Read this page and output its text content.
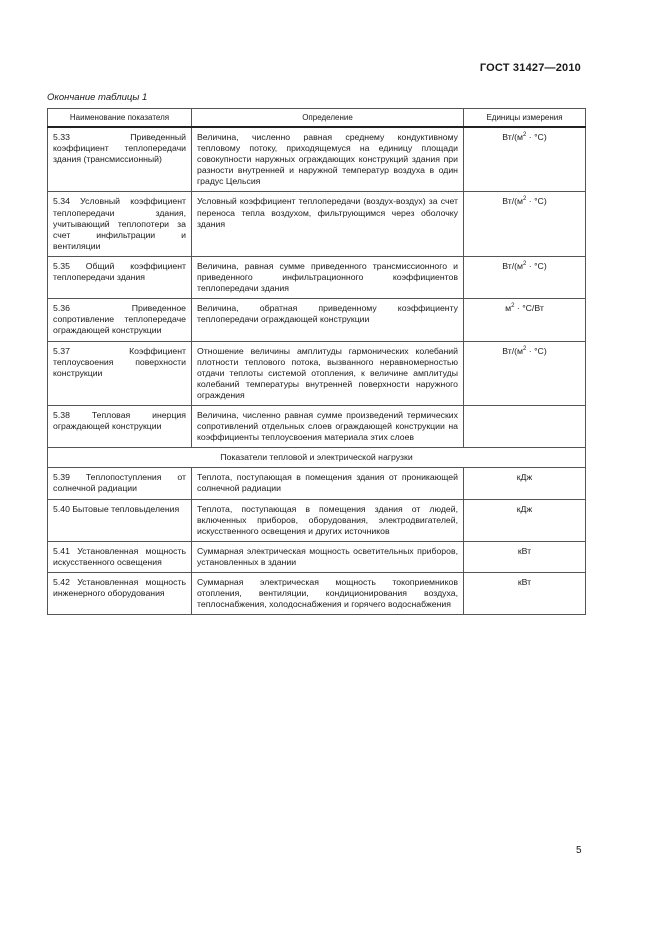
ГОСТ 31427—2010
Окончание таблицы 1
Наименование показателя	Определение	Единицы измерения
5.33 Приведенный коэффициент теплопередачи здания (трансмиссионный)	Величина, численно равная среднему кондуктивному тепловому потоку, приходящемуся на единицу площади совокупности наружных ограждающих конструкций здания при разности внутренней и наружной температур воздуха в один градус Цельсия	$Вт/(м^2 \cdot ^\circ С)$
5.34 Условный коэффициент теплопередачи здания, учитывающий теплопотери за счет инфильтрации и вентиляции	Условный коэффициент теплопередачи (воздух-воздух) за счет переноса тепла воздухом, фильтрующимся через оболочку здания	$Вт/(м^2 \cdot ^\circ С)$
5.35 Общий коэффициент теплопередачи здания	Величина, равная сумме приведенного трансмиссионного и приведенного инфильтрационного коэффициентов теплопередачи здания	$Вт/(м^2 \cdot ^\circ С)$
5.36 Приведенное сопротивление теплопередаче ограждающей конструкции	Величина, обратная приведенному коэффициенту теплопередачи ограждающей конструкции	$м^2 \cdot ^\circ С/Вт$
5.37 Коэффициент теплоусвоения поверхности конструкции	Отношение величины амплитуды гармонических колебаний плотности теплового потока, вызванного неравномерностью отдачи теплоты системой отопления, к величине амплитуды колебаний температуры внутренней поверхности наружного ограждения	$Вт/(м^2 \cdot ^\circ С)$
5.38 Тепловая инерция ограждающей конструкции	Величина, численно равная сумме произведений термических сопротивлений отдельных слоев ограждающей конструкции на коэффициенты теплоусвоения материала этих слоев	
Показатели тепловой и электрической нагрузки		
5.39 Теплопоступления от солнечной радиации	Теплота, поступающая в помещения здания от проникающей солнечной радиации	кДж
5.40 Бытовые тепловыделения	Теплота, поступающая в помещения здания от людей, включенных приборов, оборудования, электродвигателей, искусственного освещения и других источников	кДж
5.41 Установленная мощность искусственного освещения	Суммарная электрическая мощность осветительных приборов, установленных в здании	кВт
5.42 Установленная мощность инженерного оборудования	Суммарная электрическая мощность токоприемников отопления, вентиляции, кондиционирования воздуха, теплоснабжения, холодоснабжения и горячего водоснабжения	кВт
5
